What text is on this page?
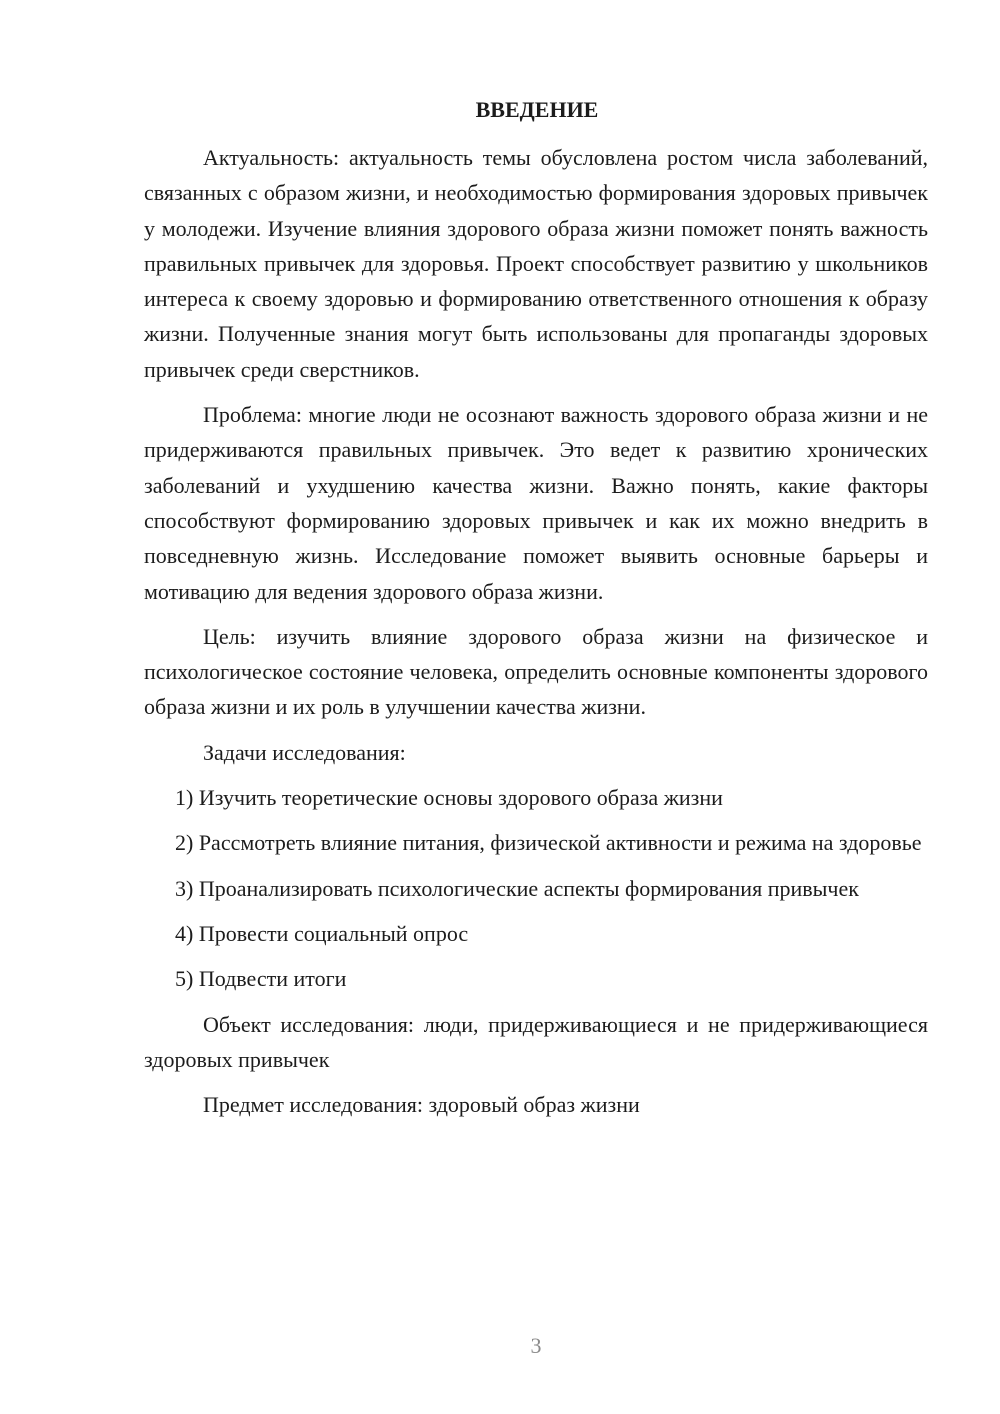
ВВЕДЕНИЕ

Актуальность: актуальность темы обусловлена ростом числа заболеваний, связанных с образом жизни, и необходимостью формирования здоровых привычек у молодежи. Изучение влияния здорового образа жизни поможет понять важность правильных привычек для здоровья. Проект способствует развитию у школьников интереса к своему здоровью и формированию ответственного отношения к образу жизни. Полученные знания могут быть использованы для пропаганды здоровых привычек среди сверстников.

Проблема: многие люди не осознают важность здорового образа жизни и не придерживаются правильных привычек. Это ведет к развитию хронических заболеваний и ухудшению качества жизни. Важно понять, какие факторы способствуют формированию здоровых привычек и как их можно внедрить в повседневную жизнь. Исследование поможет выявить основные барьеры и мотивацию для ведения здорового образа жизни.

Цель: изучить влияние здорового образа жизни на физическое и психологическое состояние человека, определить основные компоненты здорового образа жизни и их роль в улучшении качества жизни.

Задачи исследования:

1) Изучить теоретические основы здорового образа жизни

2) Рассмотреть влияние питания, физической активности и режима на здоровье

3) Проанализировать психологические аспекты формирования привычек

4) Провести социальный опрос

5) Подвести итоги

Объект исследования: люди, придерживающиеся и не придерживающиеся здоровых привычек

Предмет исследования: здоровый образ жизни

3
